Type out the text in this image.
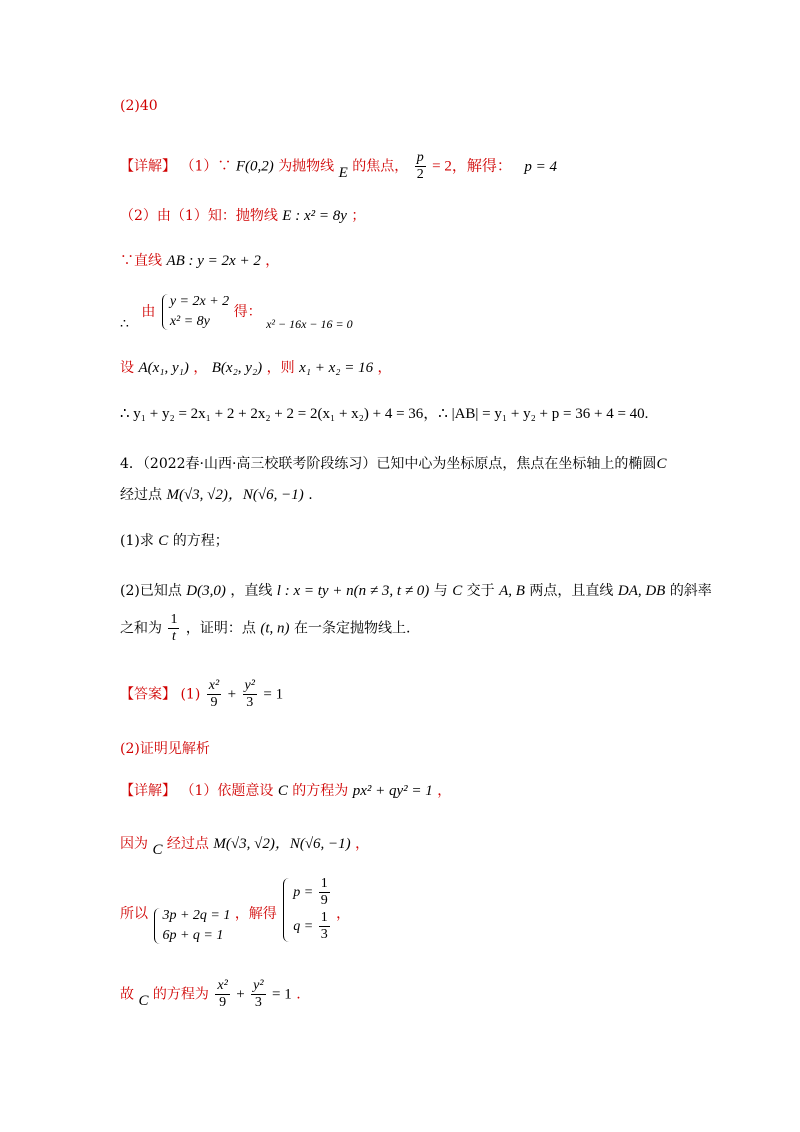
(2)40
【详解】 （1）∵ F(0,2) 为抛物线 E 的焦点， $\frac{p}{2} = 2$，解得： p = 4
（2）由（1）知：抛物线 E : x² = 8y ；
∵直线 AB : y = 2x + 2 ，
∴ 由
y = 2x + 2
x² = 8y
得： x² − 16x − 16 = 0
设 A(x₁, y₁) ， B(x₂, y₂) ，则 x₁ + x₂ = 16 ，
∴ y₁ + y₂ = 2x₁ + 2 + 2x₂ + 2 = 2(x₁ + x₂) + 4 = 36，∴ |AB| = y₁ + y₂ + p = 36 + 4 = 40.
4．（2022春·山西·高三校联考阶段练习）已知中心为坐标原点，焦点在坐标轴上的椭圆C
经过点 M(√3, √2)，N(√6, −1) .
(1)求 C 的方程；
(2)已知点 D(3,0) ，直线 l : x = ty + n(n ≠ 3, t ≠ 0) 与 C 交于 A, B 两点，且直线 DA, DB 的斜率
之和为 $\frac{1}{t}$ ，证明：点 (t, n) 在一条定抛物线上.
【答案】 $(1) \frac{\text{x²}}{9} + \frac{\text{y²}}{3} = 1$
(2)证明见解析
【详解】 （1）依题意设 C 的方程为 px² + qy² = 1 ，
因为 C 经过点 M(√3, √2)，N(√6, −1) ，
所以 3p + 2q = 1
6p + q = 1
，解得
$p = \frac{1}{9}$
$q = \frac{1}{3}$ ，
故 C 的方程为 $\frac{\text{x²}}{9} + \frac{\text{y²}}{3} = 1$ .
